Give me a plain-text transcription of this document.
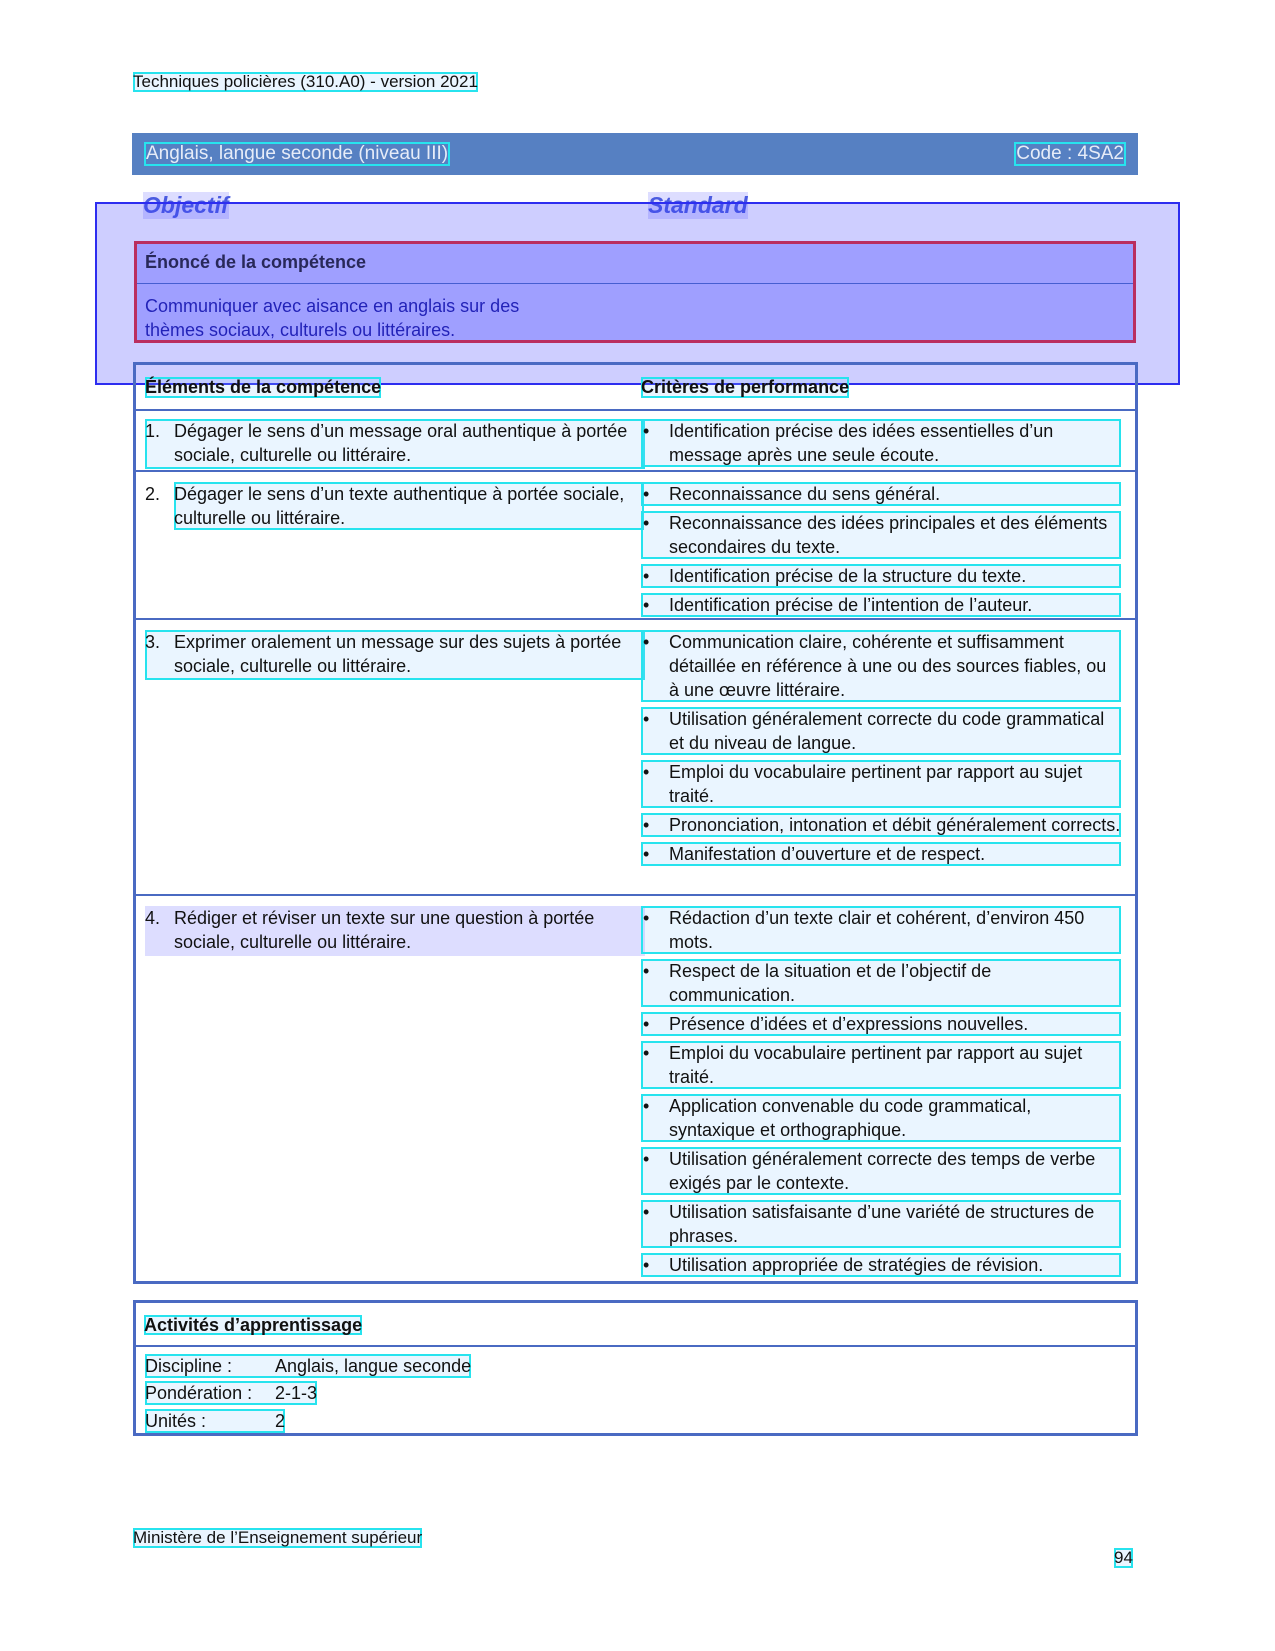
Techniques policières (310.A0) - version 2021
Anglais, langue seconde (niveau III)	Code : 4SA2
Objectif	Standard
Énoncé de la compétence
Communiquer avec aisance en anglais sur des
thèmes sociaux, culturels ou littéraires.
Éléments de la compétence	Critères de performance
1. Dégager le sens d’un message oral authentique à portée sociale, culturelle ou littéraire.
• Identification précise des idées essentielles d’un message après une seule écoute.
2. Dégager le sens d’un texte authentique à portée sociale, culturelle ou littéraire.
• Reconnaissance du sens général.
• Reconnaissance des idées principales et des éléments secondaires du texte.
• Identification précise de la structure du texte.
• Identification précise de l’intention de l’auteur.
3. Exprimer oralement un message sur des sujets à portée sociale, culturelle ou littéraire.
• Communication claire, cohérente et suffisamment détaillée en référence à une ou des sources fiables, ou à une œuvre littéraire.
• Utilisation généralement correcte du code grammatical et du niveau de langue.
• Emploi du vocabulaire pertinent par rapport au sujet traité.
• Prononciation, intonation et débit généralement corrects.
• Manifestation d’ouverture et de respect.
4. Rédiger et réviser un texte sur une question à portée sociale, culturelle ou littéraire.
• Rédaction d’un texte clair et cohérent, d’environ 450 mots.
• Respect de la situation et de l’objectif de communication.
• Présence d’idées et d’expressions nouvelles.
• Emploi du vocabulaire pertinent par rapport au sujet traité.
• Application convenable du code grammatical, syntaxique et orthographique.
• Utilisation généralement correcte des temps de verbe exigés par le contexte.
• Utilisation satisfaisante d’une variété de structures de phrases.
• Utilisation appropriée de stratégies de révision.
Activités d’apprentissage
Discipline : Anglais, langue seconde
Pondération : 2-1-3
Unités :	2
Ministère de l’Enseignement supérieur
94
